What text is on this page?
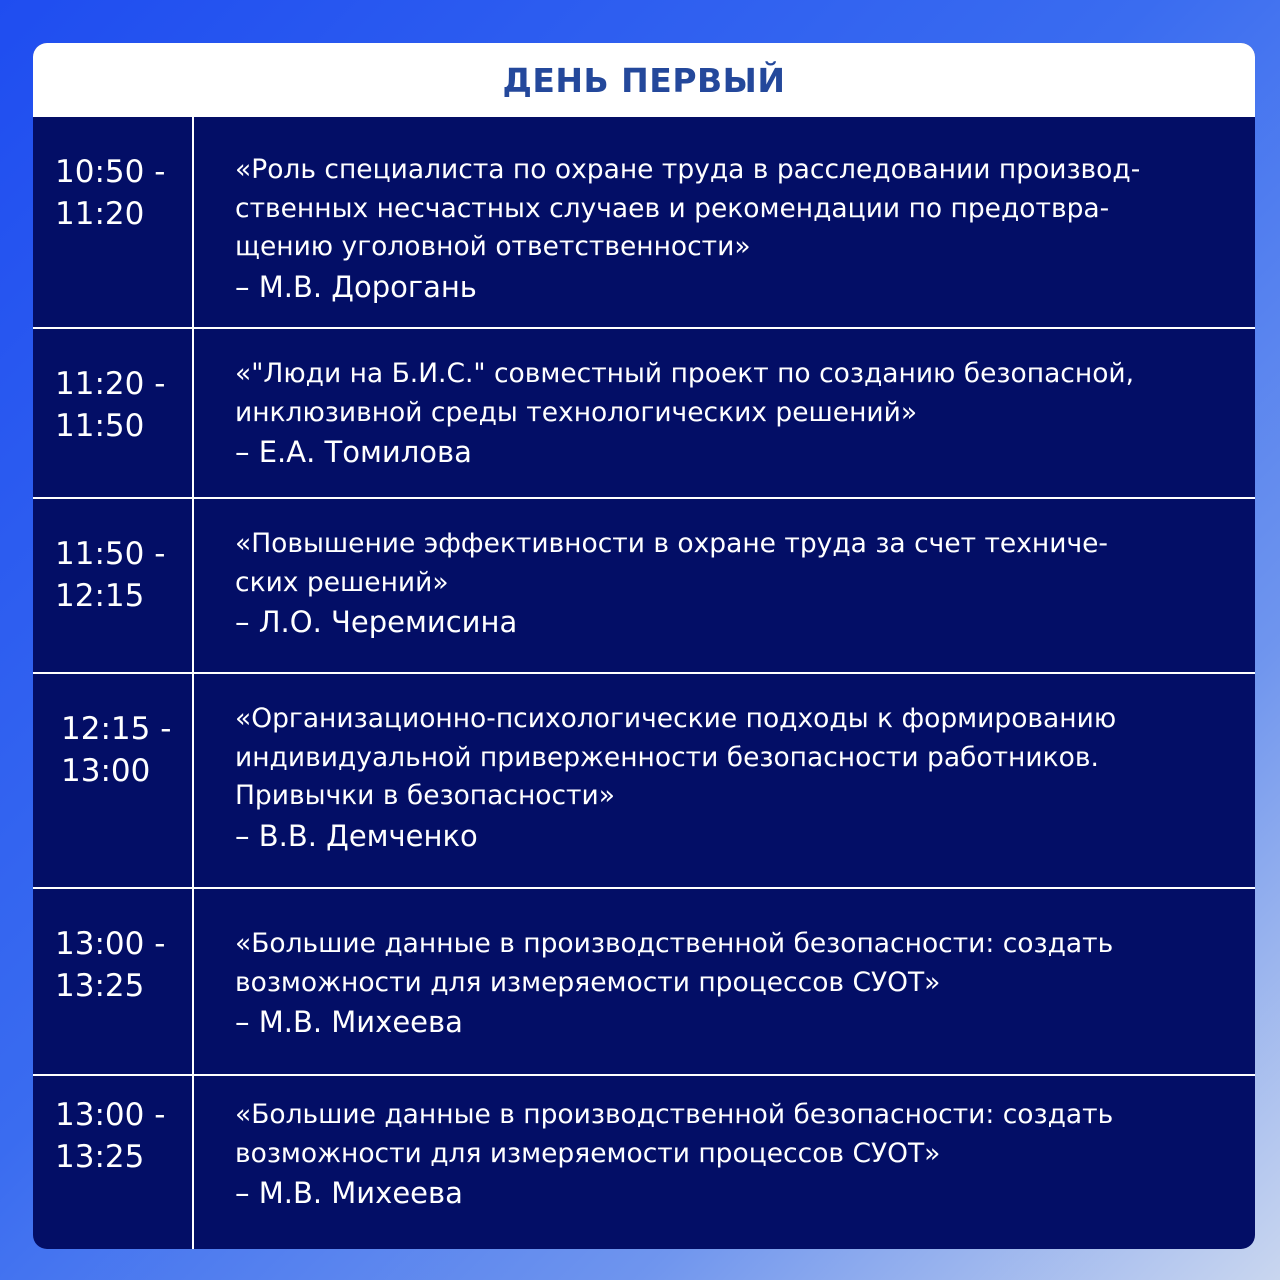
ДЕНЬ ПЕРВЫЙ
10:50 -
11:20
«Роль специалиста по охране труда в расследовании производ-
ственных несчастных случаев и рекомендации по предотвра-
щению уголовной ответственности»
– М.В. Дорогань
11:20 -
11:50
«"Люди на Б.И.С." совместный проект по созданию безопасной,
инклюзивной среды технологических решений»
– Е.А. Томилова
11:50 -
12:15
«Повышение эффективности в охране труда за счет техниче-
ских решений»
– Л.О. Черемисина
12:15 -
13:00
«Организационно-психологические подходы к формированию
индивидуальной приверженности безопасности работников.
Привычки в безопасности»
– В.В. Демченко
13:00 -
13:25
«Большие данные в производственной безопасности: создать
возможности для измеряемости процессов СУОТ»
– М.В. Михеева
13:00 -
13:25
«Большие данные в производственной безопасности: создать
возможности для измеряемости процессов СУОТ»
– М.В. Михеева
